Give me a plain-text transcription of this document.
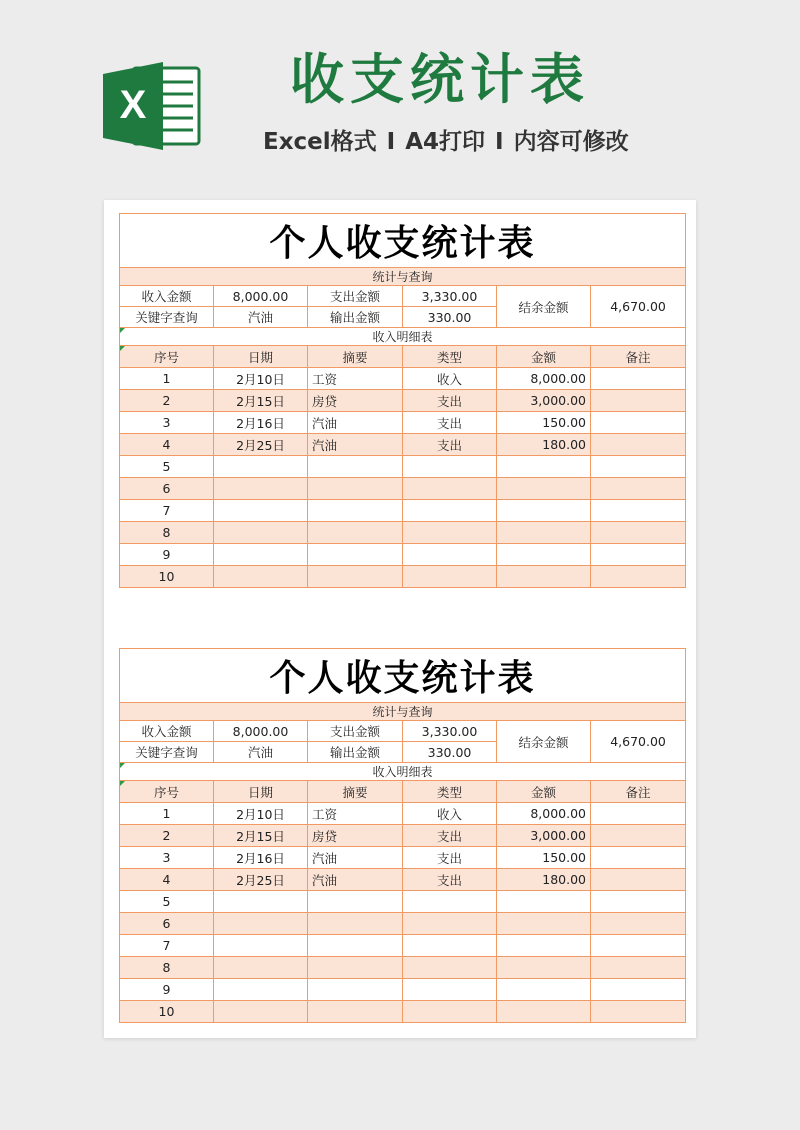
X	收支统计表
Excel格式 I A4打印 I 内容可修改
个人收支统计表					
统计与查询					
收入金额	8,000.00	支出金额	3,330.00	结余金额	4,670.00
关键字查询	汽油	输出金额	330.00		
收入明细表					

序号	日期	摘要	类型	金额	备注
1	2月10日	工资	收入	8,000.00	
2	2月15日	房贷	支出	3,000.00	
3	2月16日	汽油	支出	150.00	
4	2月25日	汽油	支出	180.00	
5					
6					
7					
8					
9					
10					
个人收支统计表					
统计与查询					
收入金额	8,000.00	支出金额	3,330.00	结余金额	4,670.00
关键字查询	汽油	输出金额	330.00		
收入明细表					

序号	日期	摘要	类型	金额	备注
1	2月10日	工资	收入	8,000.00	
2	2月15日	房贷	支出	3,000.00	
3	2月16日	汽油	支出	150.00	
4	2月25日	汽油	支出	180.00	
5					
6					
7					
8					
9					
10					
